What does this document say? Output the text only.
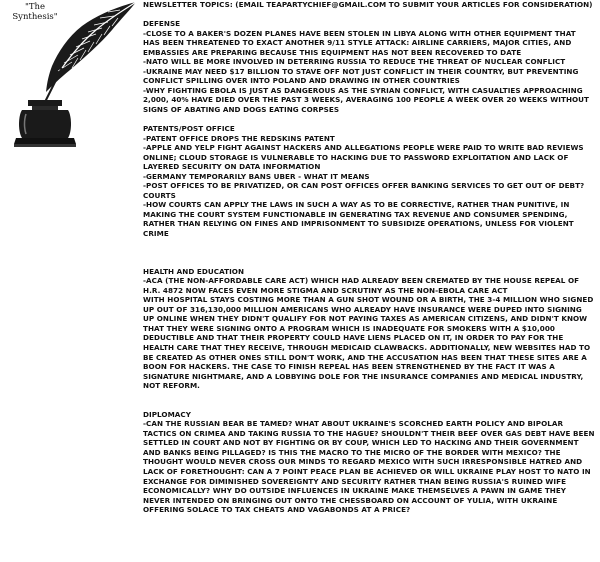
"The
Synthesis"
NEWSLETTER TOPICS: (EMAIL TEAPARTYCHIEF@GMAIL.COM TO SUBMIT YOUR ARTICLES FOR CONSIDERATION)
DEFENSE
-CLOSE TO A BAKER'S DOZEN PLANES HAVE BEEN STOLEN IN LIBYA ALONG WITH OTHER EQUIPMENT THAT HAS BEEN THREATENED TO EXACT ANOTHER 9/11 STYLE ATTACK: AIRLINE CARRIERS, MAJOR CITIES, AND EMBASSIES ARE PREPARING BECAUSE THIS EQUIPMENT HAS NOT BEEN RECOVERED TO DATE
-NATO WILL BE MORE INVOLVED IN DETERRING RUSSIA TO REDUCE THE THREAT OF NUCLEAR CONFLICT
-UKRAINE MAY NEED $17 BILLION TO STAVE OFF NOT JUST CONFLICT IN THEIR COUNTRY, BUT PREVENTING CONFLICT SPILLING OVER INTO POLAND AND DRAWING IN OTHER COUNTRIES
-WHY FIGHTING EBOLA IS JUST AS DANGEROUS AS THE SYRIAN CONFLICT, WITH CASUALTIES APPROACHING 2,000, 40% HAVE DIED OVER THE PAST 3 WEEKS, AVERAGING 100 PEOPLE A WEEK OVER 20 WEEKS WITHOUT SIGNS OF ABATING AND DOGS EATING CORPSES
PATENTS/POST OFFICE
-PATENT OFFICE DROPS THE REDSKINS PATENT
-APPLE AND YELP FIGHT AGAINST HACKERS AND ALLEGATIONS PEOPLE WERE PAID TO WRITE BAD REVIEWS ONLINE; CLOUD STORAGE IS VULNERABLE TO HACKING DUE TO PASSWORD EXPLOITATION AND LACK OF LAYERED SECURITY ON DATA INFORMATION
-GERMANY TEMPORARILY BANS UBER - WHAT IT MEANS
-POST OFFICES TO BE PRIVATIZED, OR CAN POST OFFICES OFFER BANKING SERVICES TO GET OUT OF DEBT? COURTS
-HOW COURTS CAN APPLY THE LAWS IN SUCH A WAY AS TO BE CORRECTIVE, RATHER THAN PUNITIVE, IN MAKING THE COURT SYSTEM FUNCTIONABLE IN GENERATING TAX REVENUE AND CONSUMER SPENDING, RATHER THAN RELYING ON FINES AND IMPRISONMENT TO SUBSIDIZE OPERATIONS, UNLESS FOR VIOLENT CRIME
HEALTH AND EDUCATION
-ACA (THE NON-AFFORDABLE CARE ACT) WHICH HAD ALREADY BEEN CREMATED BY THE HOUSE REPEAL OF H.R. 4872 NOW FACES EVEN MORE STIGMA AND SCRUTINY AS THE NON-EBOLA CARE ACT
WITH HOSPITAL STAYS COSTING MORE THAN A GUN SHOT WOUND OR A BIRTH, THE 3-4 MILLION WHO SIGNED UP OUT OF 316,130,000 MILLION AMERICANS WHO ALREADY HAVE INSURANCE WERE DUPED INTO SIGNING UP ONLINE WHEN THEY DIDN'T QUALIFY FOR NOT PAYING TAXES AS AMERICAN CITIZENS, AND DIDN'T KNOW THAT THEY WERE SIGNING ONTO A PROGRAM WHICH IS INADEQUATE FOR SMOKERS WITH A $10,000 DEDUCTIBLE AND THAT THEIR PROPERTY COULD HAVE LIENS PLACED ON IT, IN ORDER TO PAY FOR THE HEALTH CARE THAT THEY RECEIVE, THROUGH MEDICAID CLAWBACKS. ADDITIONALLY, NEW WEBSITES HAD TO BE CREATED AS OTHER ONES STILL DON'T WORK, AND THE ACCUSATION HAS BEEN THAT THESE SITES ARE A BOON FOR HACKERS. THE CASE TO FINISH REPEAL HAS BEEN STRENGTHENED BY THE FACT IT WAS A SIGNATURE NIGHTMARE, AND A LOBBYING DOLE FOR THE INSURANCE COMPANIES AND MEDICAL INDUSTRY, NOT REFORM.
DIPLOMACY
-CAN THE RUSSIAN BEAR BE TAMED? WHAT ABOUT UKRAINE'S SCORCHED EARTH POLICY AND BIPOLAR TACTICS ON CRIMEA AND TAKING RUSSIA TO THE HAGUE? SHOULDN'T THEIR BEEF OVER GAS DEBT HAVE BEEN SETTLED IN COURT AND NOT BY FIGHTING OR BY COUP, WHICH LED TO HACKING AND THEIR GOVERNMENT AND BANKS BEING PILLAGED? IS THIS THE MACRO TO THE MICRO OF THE BORDER WITH MEXICO? THE THOUGHT WOULD NEVER CROSS OUR MINDS TO REGARD MEXICO WITH SUCH IRRESPONSIBLE HATRED AND LACK OF FORETHOUGHT: CAN A 7 POINT PEACE PLAN BE ACHIEVED OR WILL UKRAINE PLAY HOST TO NATO IN EXCHANGE FOR DIMINISHED SOVEREIGNTY AND SECURITY RATHER THAN BEING RUSSIA'S RUINED WIFE ECONOMICALLY? WHY DO OUTSIDE INFLUENCES IN UKRAINE MAKE THEMSELVES A PAWN IN GAME THEY NEVER INTENDED ON BRINGING OUT ONTO THE CHESSBOARD ON ACCOUNT OF YULIA, WITH UKRAINE OFFERING SOLACE TO TAX CHEATS AND VAGABONDS AT A PRICE?
